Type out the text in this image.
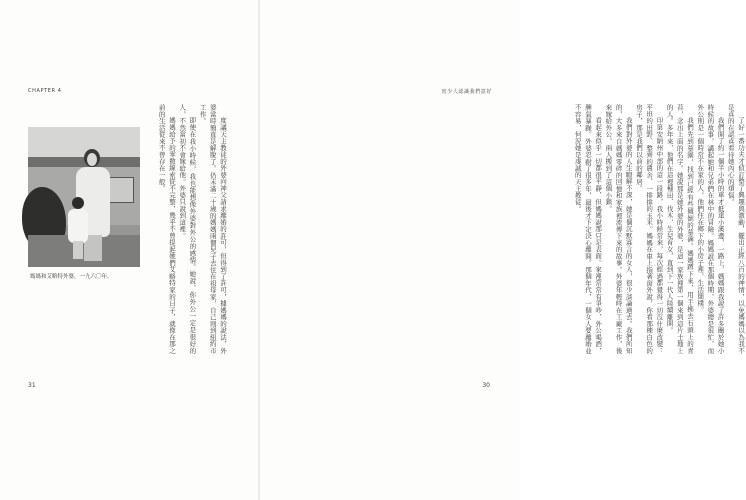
CHAPTER 4
媽媽和艾略特外婆，一九六〇年。	度議天主教徒的外婆向神父請求離婚的許可，但得到了許可，據媽媽的說法，外婆當時簡直是解脫了。仍未滿二十歲的媽媽兩個兒子去住在祖母家，自己則到紐約市工作。

即使在我小時候，我也能想像外婆對外公的感情。她說，你外公一定是很好的人，不然當初不會嫁給他。外婆只說到這裡。

媽媽給予的零散線索從不完整，幾乎不曾提起她們艾略特家的日子，就像在那之前的生活從來不曾存在一般。

31
密少人認識我們意好

了好一番功夫才偵訂整了興趣與激動，擺出正經八百的神情，以免媽媽以為我不是真的在認真看待她內心的煩惱。

我們開了約一個半小時的車才抵達小溪邊，一路上，媽媽跟我說了許多關於她小時候的故事，講起她和兄弟們在林中的冒險。媽媽說在那個時期，外婆總是很忙，而外公則是一個時常不在家的人，他們住在鄉下的小房子裡，生活簡樸。

我們先到墓園，找到已經有些傾倒的墓碑。媽媽蹲下來，用手拂去石頭上的青苔，念出上面的名字。她說那是她外婆的外婆，是這一家族裡第一個來到這片土地上的人。多年來，他們在這裡種田、伐木，生兒育女，直到下一代人陸續離開。

印第安納州中部的這一段路，我小時候常來，每次經過都覺得一切沒什麼改變：平坦的田野、整齊的農舍、一排排的玉米。媽媽在車上指著窗外說，你看那棟白色的房子，那是我們以前的鄰居。

我們對外婆的人生瞭解不深，她是個沉默寡言的女人，很少談論過去。我們所知的，大多來自媽媽零碎的回憶和家族裡流傳下來的故事。外婆年輕時在工廠工作，後來嫁給外公，兩人搬到了這個小鎮。

看起來似乎一切都很平靜，但媽媽說那只是表面。家裡常常有爭吵，外公喝酒，脾氣暴躁。外婆忍耐了很多年，最後才下定決心離開。那個年代，一個女人要離婚並不容易，何況她是虔誠的天主教徒。

30
